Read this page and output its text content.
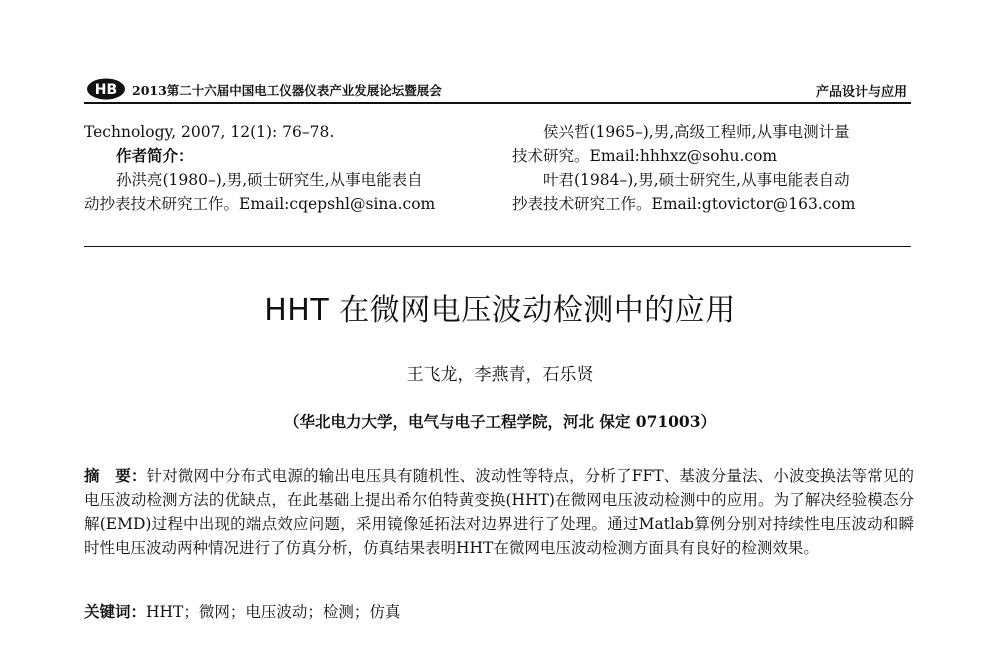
HB 2013第二十六届中国电工仪器仪表产业发展论坛暨展会	产品设计与应用
Technology, 2007, 12(1): 76–78.
作者简介：
孙洪亮(1980–),男,硕士研究生,从事电能表自
动抄表技术研究工作。Email:cqepshl@sina.com
侯兴哲(1965–),男,高级工程师,从事电测计量
技术研究。Email:hhhxz@sohu.com
叶君(1984–),男,硕士研究生,从事电能表自动
抄表技术研究工作。Email:gtovictor@163.com
HHT 在微网电压波动检测中的应用
王飞龙，李燕青，石乐贤
（华北电力大学，电气与电子工程学院，河北 保定 071003）
摘　要：针对微网中分布式电源的输出电压具有随机性、波动性等特点，分析了FFT、基波分量法、小波变换法等常见的电压波动检测方法的优缺点，在此基础上提出希尔伯特黄变换(HHT)在微网电压波动检测中的应用。为了解决经验模态分解(EMD)过程中出现的端点效应问题，采用镜像延拓法对边界进行了处理。通过Matlab算例分别对持续性电压波动和瞬时性电压波动两种情况进行了仿真分析，仿真结果表明HHT在微网电压波动检测方面具有良好的检测效果。
关键词：HHT；微网；电压波动；检测；仿真
